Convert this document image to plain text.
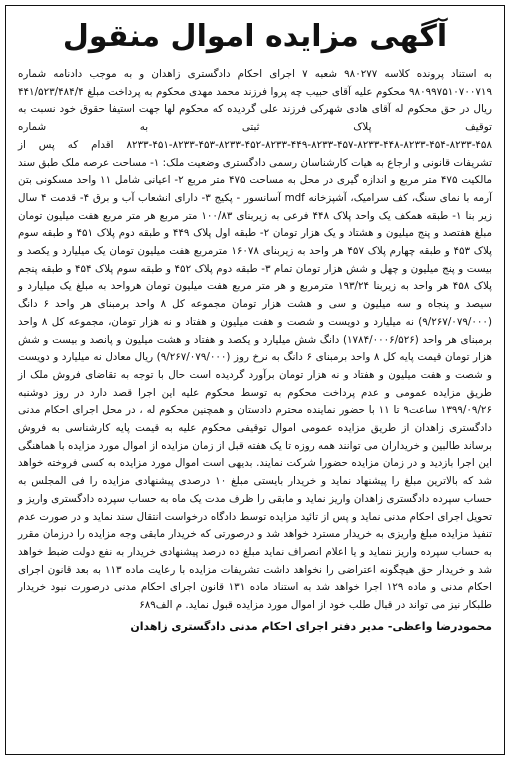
آگهی مزایده اموال منقول
به استناد پرونده کلاسه ۹۸۰۲۷۷ شعبه ۷ اجرای احکام دادگستری زاهدان و به موجب دادنامه شماره ۹۸۰۹۹۷۵۱۰۷۰۰۷۱۹ محکوم علیه آقای حبیب چه پروا فرزند محمد مهدی محکوم به پرداخت مبلغ ۴۴۱/۵۲۳/۴۸۴/۴ ریال در حق محکوم له آقای هادی شهرکی فرزند علی گردیده که محکوم لها جهت استیفا حقوق خود نسبت به توقیف پلاک ثبتی به شماره ۴۵۸-۸۲۳۳-۴۵۴-۸۲۳۳-۴۴۸-۸۲۳۳-۴۵۷-۸۲۳۳-۴۴۹-۸۲۳۳-۴۵۲-۸۲۳۳-۴۵۳-۸۲۳۳-۴۵۱-۸۲۳۳ اقدام که پس از تشریفات قانونی و ارجاع به هیات کارشناسان رسمی دادگستری وضعیت ملک: ۱- مساحت عرصه ملک طبق سند مالکیت ۴۷۵ متر مربع و اندازه گیری در محل به مساحت ۴۷۵ متر مربع ۲- اعیانی شامل ۱۱ واحد مسکونی بتن آرمه با نمای سنگ، کف سرامیک، آشپزخانه mdf آسانسور - پکیج ۳- دارای انشعاب آب و برق ۴- قدمت ۴ سال زیر بنا ۱- طبقه همکف یک واحد پلاک ۴۴۸ فرعی به زیربنای ۱۰۰/۸۳ متر مربع هر متر مربع هفت میلیون تومان مبلغ هفتصد و پنج میلیون و هشتاد و یک هزار تومان ۲- طبقه اول پلاک ۴۴۹ و طبقه دوم پلاک ۴۵۱ و طبقه سوم پلاک ۴۵۳ و طبقه چهارم پلاک ۴۵۷ هر واحد به زیربنای ۱۶۰۷۸ مترمربع هفت میلیون تومان یک میلیارد و یکصد و بیست و پنج میلیون و چهل و شش هزار تومان تمام ۳- طبقه دوم پلاک ۴۵۲ و طبقه سوم پلاک ۴۵۴ و طبقه پنجم پلاک ۴۵۸ هر واحد به زیربنا ۱۹۳/۲۴ مترمربع و هر متر مربع هفت میلیون تومان هرواحد به مبلغ یک میلیارد و سیصد و پنجاه و سه میلیون و سی و هشت هزار تومان مجموعه کل ۸ واحد برمبنای هر واحد ۶ دانگ (۹/۲۶۷/۰۷۹/۰۰۰) نه میلیارد و دویست و شصت و هفت میلیون و هفتاد و نه هزار تومان، مجموعه کل ۸ واحد برمبنای هر واحد (۱۷۸۴/۰۰۰۶/۵۲۶) دانگ شش میلیارد و یکصد و هفتاد و هشت میلیون و پانصد و بیست و شش هزار تومان قیمت پایه کل ۸ واحد برمبنای ۶ دانگ به نرخ روز (۹/۲۶۷/۰۷۹/۰۰۰) ریال معادل نه میلیارد و دویست و شصت و هفت میلیون و هفتاد و نه هزار تومان برآورد گردیده است حال با توجه به تقاضای فروش ملک از طریق مزایده عمومی و عدم پرداخت محکوم به توسط محکوم علیه این اجرا قصد دارد در روز دوشنبه ۱۳۹۹/۰۹/۲۶ ساعت۹ تا ۱۱ با حضور نماینده محترم دادستان و همچنین محکوم له ، در محل اجرای احکام مدنی دادگستری زاهدان از طریق مزایده عمومی اموال توقیفی محکوم علیه به قیمت پایه کارشناسی به فروش برساند طالبین و خریداران می توانند همه روزه تا یک هفته قبل از زمان مزایده از اموال مورد مزایده با هماهنگی این اجرا بازدید و در زمان مزایده حضورا شرکت نمایند. بدیهی است اموال مورد مزایده به کسی فروخته خواهد شد که بالاترین مبلغ را پیشنهاد نماید و خریدار بایستی مبلغ ۱۰ درصدی پیشنهادی مزایده را فی المجلس به حساب سپرده دادگستری زاهدان واریز نماید و مابقی را ظرف مدت یک ماه به حساب سپرده دادگستری واریز و تحویل اجرای احکام مدنی نماید و پس از تائید مزایده توسط دادگاه درخواست انتقال سند نماید و در صورت عدم تنفیذ مزایده مبلغ واریزی به خریدار مسترد خواهد شد و درصورتی که خریدار مابقی وجه مزایده را درزمان مقرر به حساب سپرده واریز ننماید و یا اعلام انصراف نماید مبلغ ده درصد پیشنهادی خریدار به نفع دولت ضبط خواهد شد و خریدار حق هیچگونه اعتراضی را نخواهد داشت تشریفات مزایده با رعایت ماده ۱۱۳ به بعد قانون اجرای احکام مدنی و ماده ۱۲۹ اجرا خواهد شد به استناد ماده ۱۳۱ قانون اجرای احکام مدنی درصورت نبود خریدار طلبکار نیز می تواند در قبال طلب خود از اموال مورد مزایده قبول نماید. م الف۶۸۹
محمودرضا واعظی- مدیر دفتر اجرای احکام مدنی دادگستری زاهدان
